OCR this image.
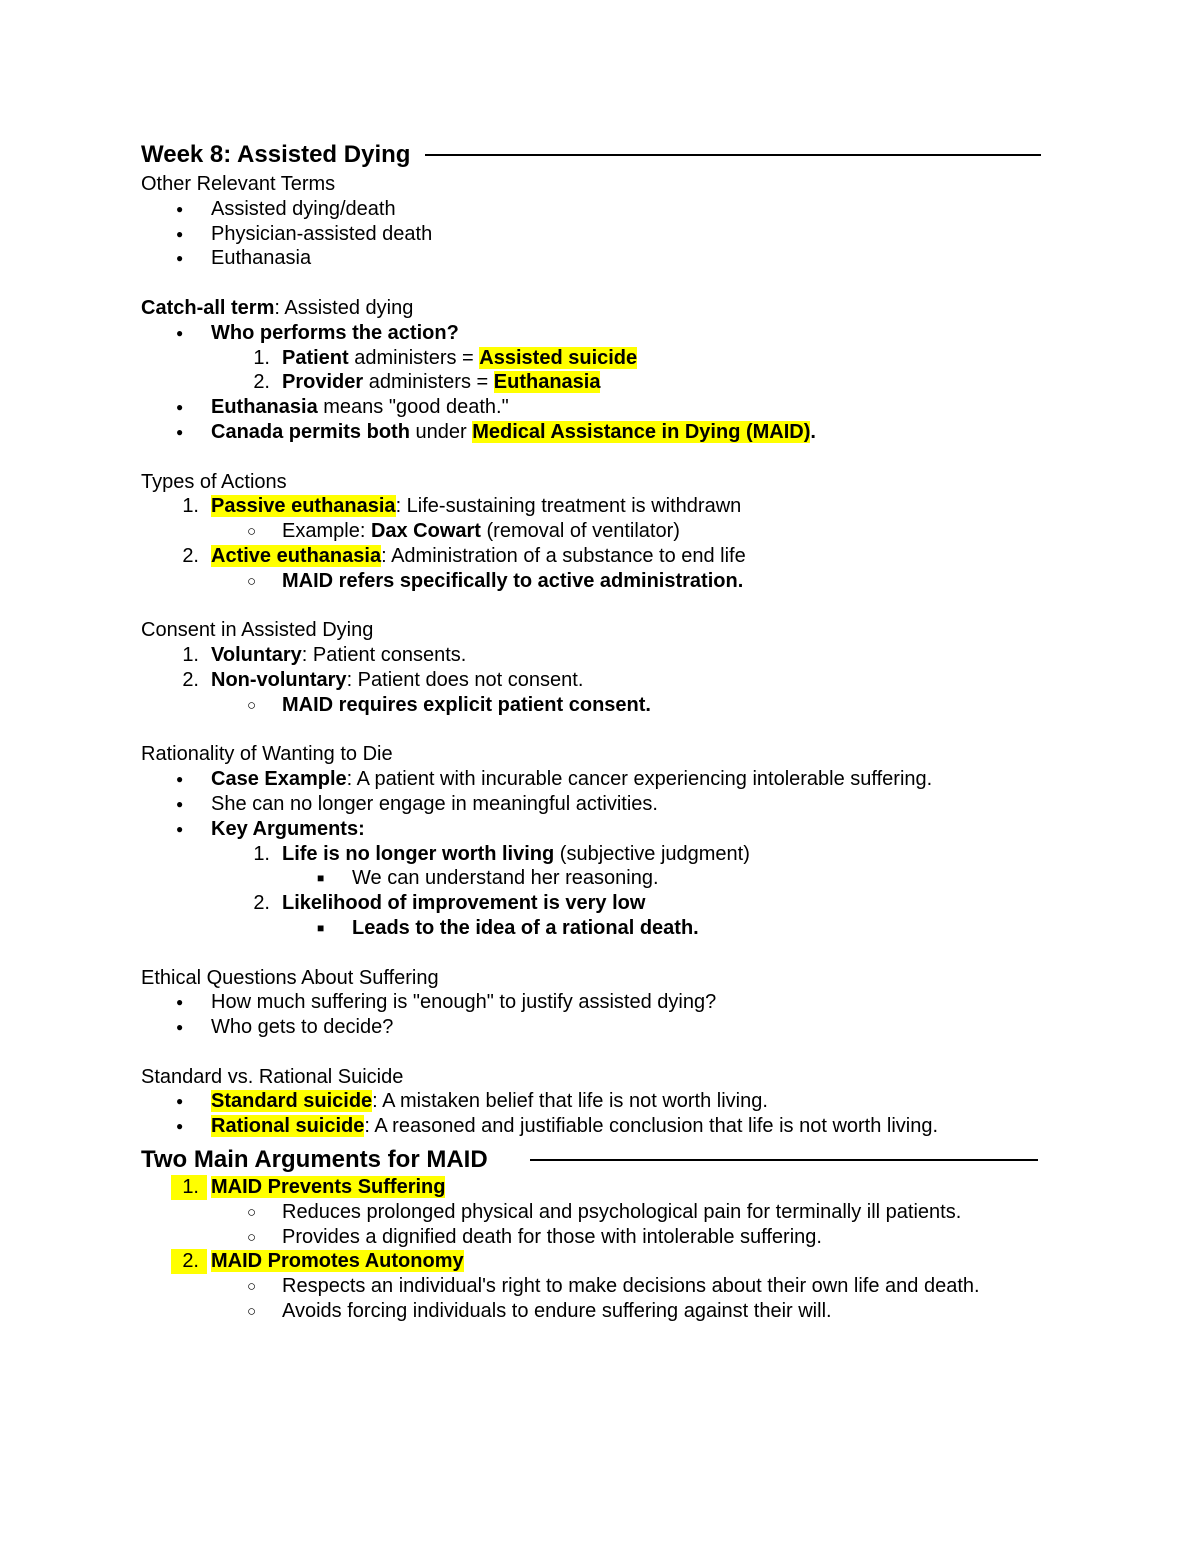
Week 8: Assisted Dying
Other Relevant Terms
●
Assisted dying/death
●
Physician-assisted death
●
Euthanasia
Catch-all term: Assisted dying
●
Who performs the action?
1. Patient administers = Assisted suicide
2. Provider administers = Euthanasia
●
Euthanasia means "good death."
●
Canada permits both under Medical Assistance in Dying (MAID).
Types of Actions
1. Passive euthanasia: Life-sustaining treatment is withdrawn
○
Example: Dax Cowart (removal of ventilator)
2. Active euthanasia: Administration of a substance to end life
○
MAID refers specifically to active administration.
Consent in Assisted Dying
1. Voluntary: Patient consents.
2. Non-voluntary: Patient does not consent.
○
MAID requires explicit patient consent.
Rationality of Wanting to Die
●
Case Example: A patient with incurable cancer experiencing intolerable suffering.
●
She can no longer engage in meaningful activities.
●
Key Arguments:
1. Life is no longer worth living (subjective judgment)
■
We can understand her reasoning.
2. Likelihood of improvement is very low
■
Leads to the idea of a rational death.
Ethical Questions About Suffering
●
How much suffering is "enough" to justify assisted dying?
●
Who gets to decide?
Standard vs. Rational Suicide
●
Standard suicide: A mistaken belief that life is not worth living.
●
Rational suicide: A reasoned and justifiable conclusion that life is not worth living.
Two Main Arguments for MAID
1. MAID Prevents Suffering
○
Reduces prolonged physical and psychological pain for terminally ill patients.
○
Provides a dignified death for those with intolerable suffering.
2. MAID Promotes Autonomy
○
Respects an individual's right to make decisions about their own life and death.
○
Avoids forcing individuals to endure suffering against their will.
